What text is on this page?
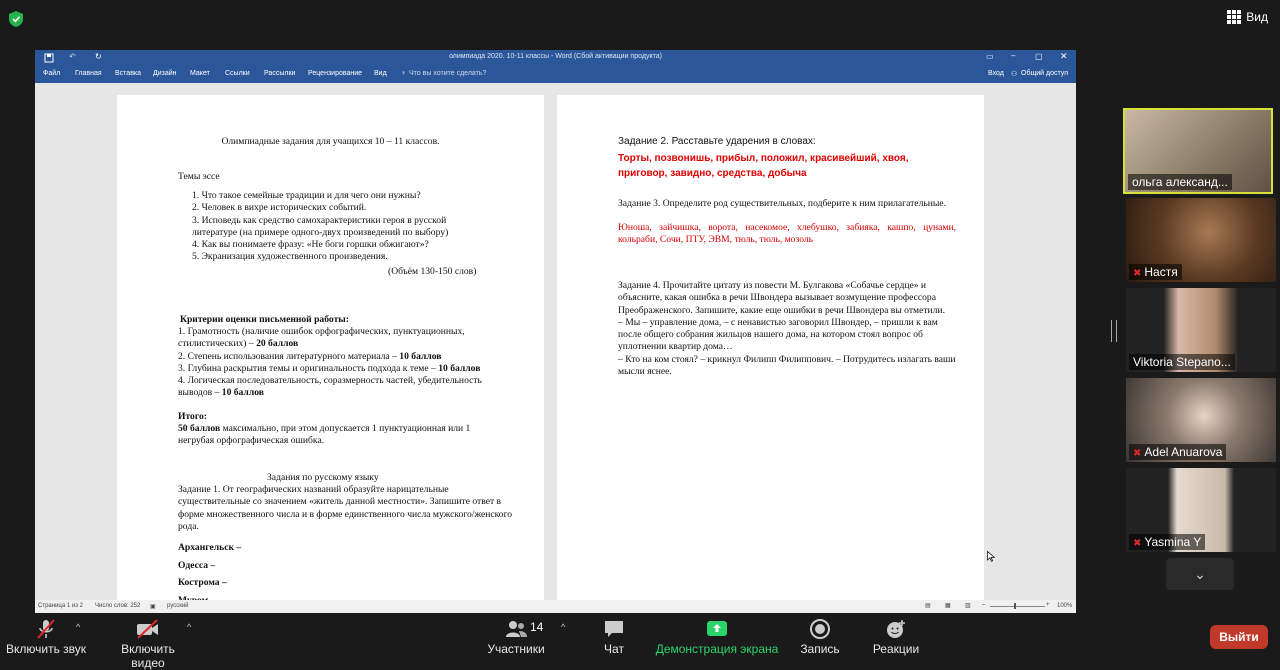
Вид
↶ ↻	олимпиада 2020. 10-11 классы - Word (Сбой активации продукта)	▭ – ▢ ✕
Файл Главная Вставка Дизайн Макет Ссылки Рассылки Рецензирование Вид ♀ Что вы хотите сделать?	Вход ⚇ Общий доступ
Олимпиадные задания для учащихся 10 – 11 классов.
Темы эссе

1. Что такое семейные традиции и для чего они нужны?

2. Человек в вихре исторических событий.

3. Исповедь как средство самохарактеристики героя в русской литературе (на примере одного-двух произведений по выбору)

4. Как вы понимаете фразу: «Не боги горшки обжигают»?

5. Экранизация художественного произведения.

(Объём 130-150 слов)
Критерии оценки письменной работы:

1. Грамотность (наличие ошибок орфографических, пунктуационных, стилистических) – 20 баллов

2. Степень использования литературного материала – 10 баллов

3. Глубина раскрытия темы и оригинальность подхода к теме – 10 баллов

4. Логическая последовательность, соразмерность частей, убедительность выводов – 10 баллов

Итого:
50 баллов максимально, при этом допускается 1 пунктуационная или 1 негрубая орфографическая ошибка.
Задания по русскому языку
Задание 1. От географических названий образуйте нарицательные существительные со значением «житель данной местности». Запишите ответ в форме множественного числа и в форме единственного числа мужского/женского рода.

Архангельск –

Одесса –

Кострома –

Задание 2. Расставьте ударения в словах:
Торты, позвонишь, прибыл, положил, красивейший, хвоя, приговор, завидно, средства, добыча
Задание 3. Определите род существительных, подберите к ним прилагательные.
Юноша, зайчишка, ворота, насекомое, хлебушко, забияка, кашпо, цунами, кольраби, Сочи, ПТУ, ЭВМ, тюль, тюль, мозоль

Задание 4. Прочитайте цитату из повести М. Булгакова «Собачье сердце» и объясните, какая ошибка в речи Швондера вызывает возмущение профессора Преображенского. Запишите, какие еще ошибки в речи Швондера вы отметили.

– Мы – управление дома, – с ненавистью заговорил Швондер, – пришли к вам после общего собрания жильцов нашего дома, на котором стоял вопрос об уплотнении квартир дома…

– Кто на ком стоял? – крикнул Филипп Филиппович. – Потрудитесь излагать ваши мысли яснее.

Страница 1 из 2 Число слов: 252 ▣ русский	▤ ▦ ▥ –	+ 100%
ольга александ...
✖ Настя
Viktoria Stepano...
✖ Adel Anuarova
✖ Yasmina Y
⌄
Включить звук
^
Включить видео
^
Участники
14 ^
Чат	Демонстрация экрана Запись	Реакции
Выйти
